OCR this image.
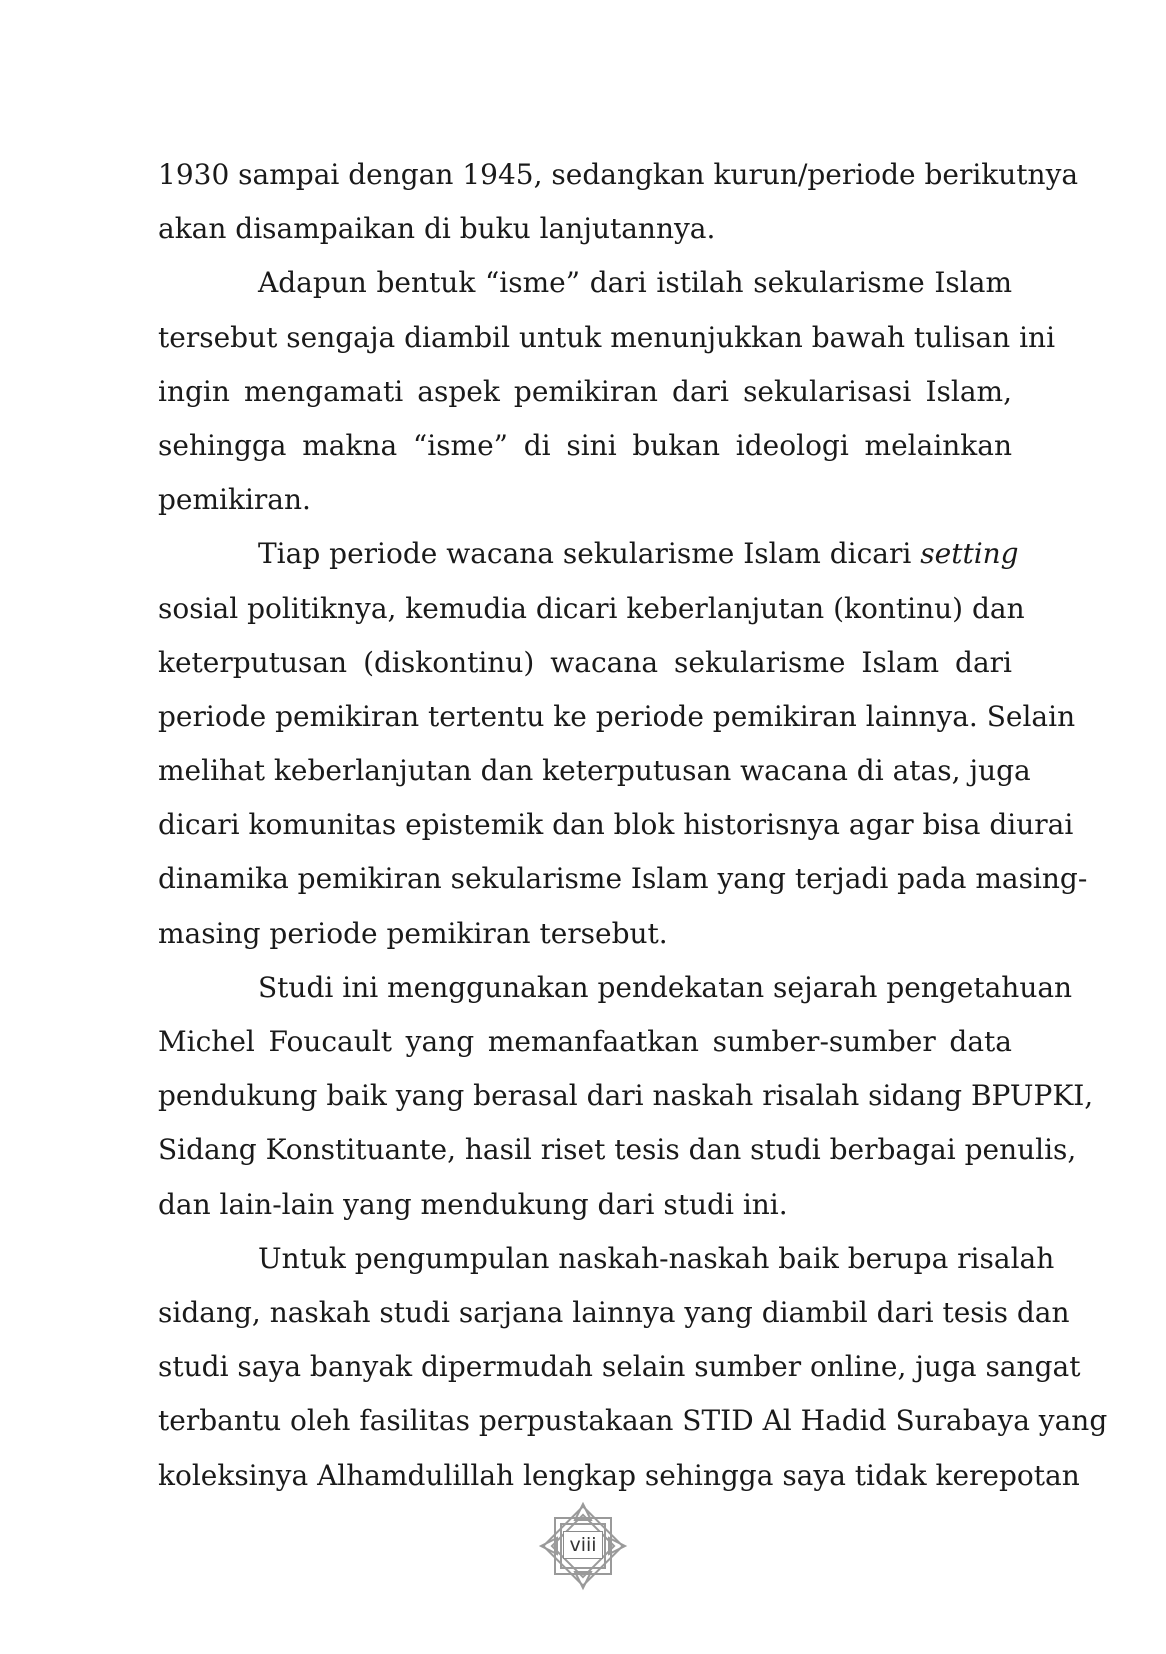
1930 sampai dengan 1945, sedangkan kurun/periode berikutnya
akan disampaikan di buku lanjutannya.
Adapun bentuk “isme” dari istilah sekularisme Islam
tersebut sengaja diambil untuk menunjukkan bawah tulisan ini
ingin mengamati aspek pemikiran dari sekularisasi Islam,
sehingga makna “isme” di sini bukan ideologi melainkan
pemikiran.
Tiap periode wacana sekularisme Islam dicari setting
sosial politiknya, kemudia dicari keberlanjutan (kontinu) dan
keterputusan (diskontinu) wacana sekularisme Islam dari
periode pemikiran tertentu ke periode pemikiran lainnya. Selain
melihat keberlanjutan dan keterputusan wacana di atas, juga
dicari komunitas epistemik dan blok historisnya agar bisa diurai
dinamika pemikiran sekularisme Islam yang terjadi pada masing-
masing periode pemikiran tersebut.
Studi ini menggunakan pendekatan sejarah pengetahuan
Michel Foucault yang memanfaatkan sumber-sumber data
pendukung baik yang berasal dari naskah risalah sidang BPUPKI,
Sidang Konstituante, hasil riset tesis dan studi berbagai penulis,
dan lain-lain yang mendukung dari studi ini.
Untuk pengumpulan naskah-naskah baik berupa risalah
sidang, naskah studi sarjana lainnya yang diambil dari tesis dan
studi saya banyak dipermudah selain sumber online, juga sangat
terbantu oleh fasilitas perpustakaan STID Al Hadid Surabaya yang
koleksinya Alhamdulillah lengkap sehingga saya tidak kerepotan
viii
